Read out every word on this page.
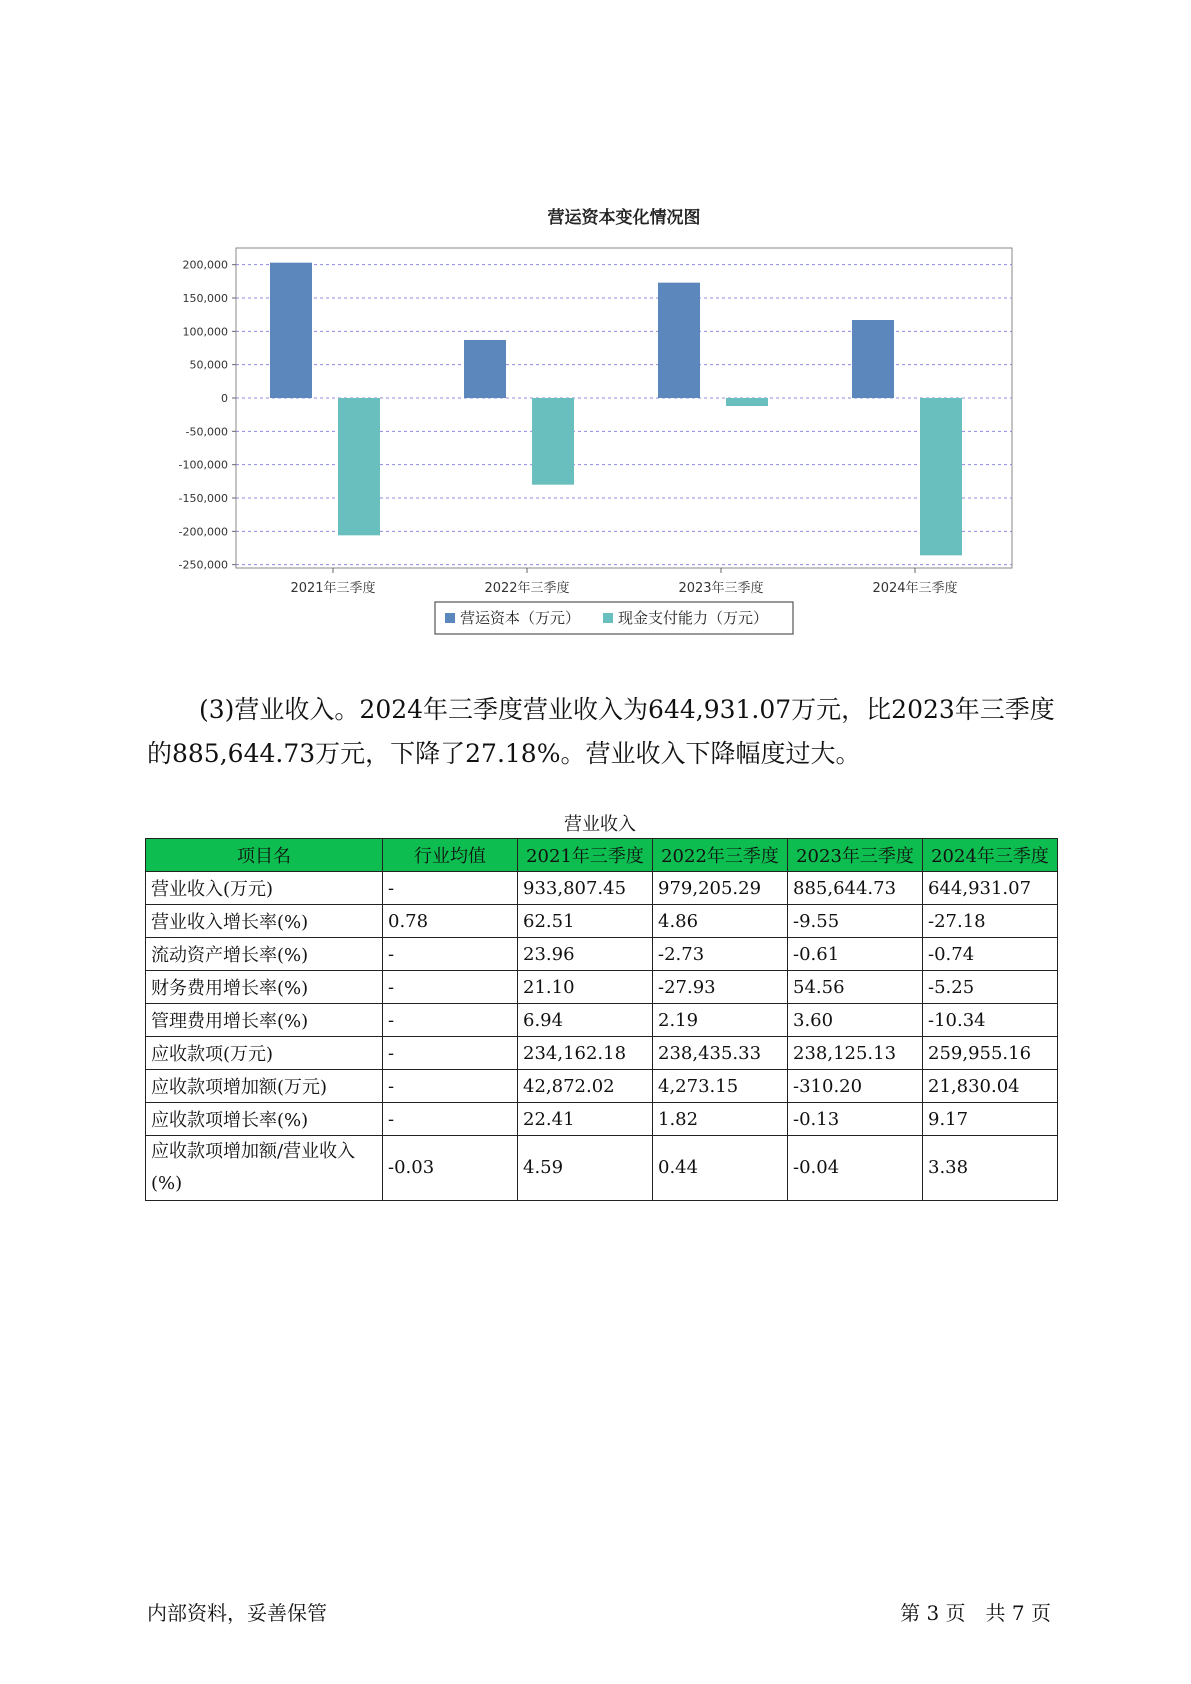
营运资本变化情况图
200,000
150,000
100,000
50,000
0
-50,000
-100,000
-150,000
-200,000
-250,000
2021年三季度	2022年三季度	2023年三季度	2024年三季度
营运资本（万元）	现金支付能力（万元）

(3)营业收入。2024年三季度营业收入为644,931.07万元，比2023年三季度的885,644.73万元，下降了27.18%。营业收入下降幅度过大。

营业收入
项目名	行业均值	2021年三季度	2022年三季度	2023年三季度	2024年三季度
营业收入(万元)	-	933,807.45	979,205.29	885,644.73	644,931.07
营业收入增长率(%)	0.78	62.51	4.86	-9.55	-27.18
流动资产增长率(%)	-	23.96	-2.73	-0.61	-0.74
财务费用增长率(%)	-	21.10	-27.93	54.56	-5.25
管理费用增长率(%)	-	6.94	2.19	3.60	-10.34
应收款项(万元)	-	234,162.18	238,435.33	238,125.13	259,955.16
应收款项增加额(万元)	-	42,872.02	4,273.15	-310.20	21,830.04
应收款项增长率(%)	-	22.41	1.82	-0.13	9.17
应收款项增加额/营业收入(%)	-0.03	4.59	0.44	-0.04	3.38
内部资料，妥善保管	第 3 页　共 7 页
